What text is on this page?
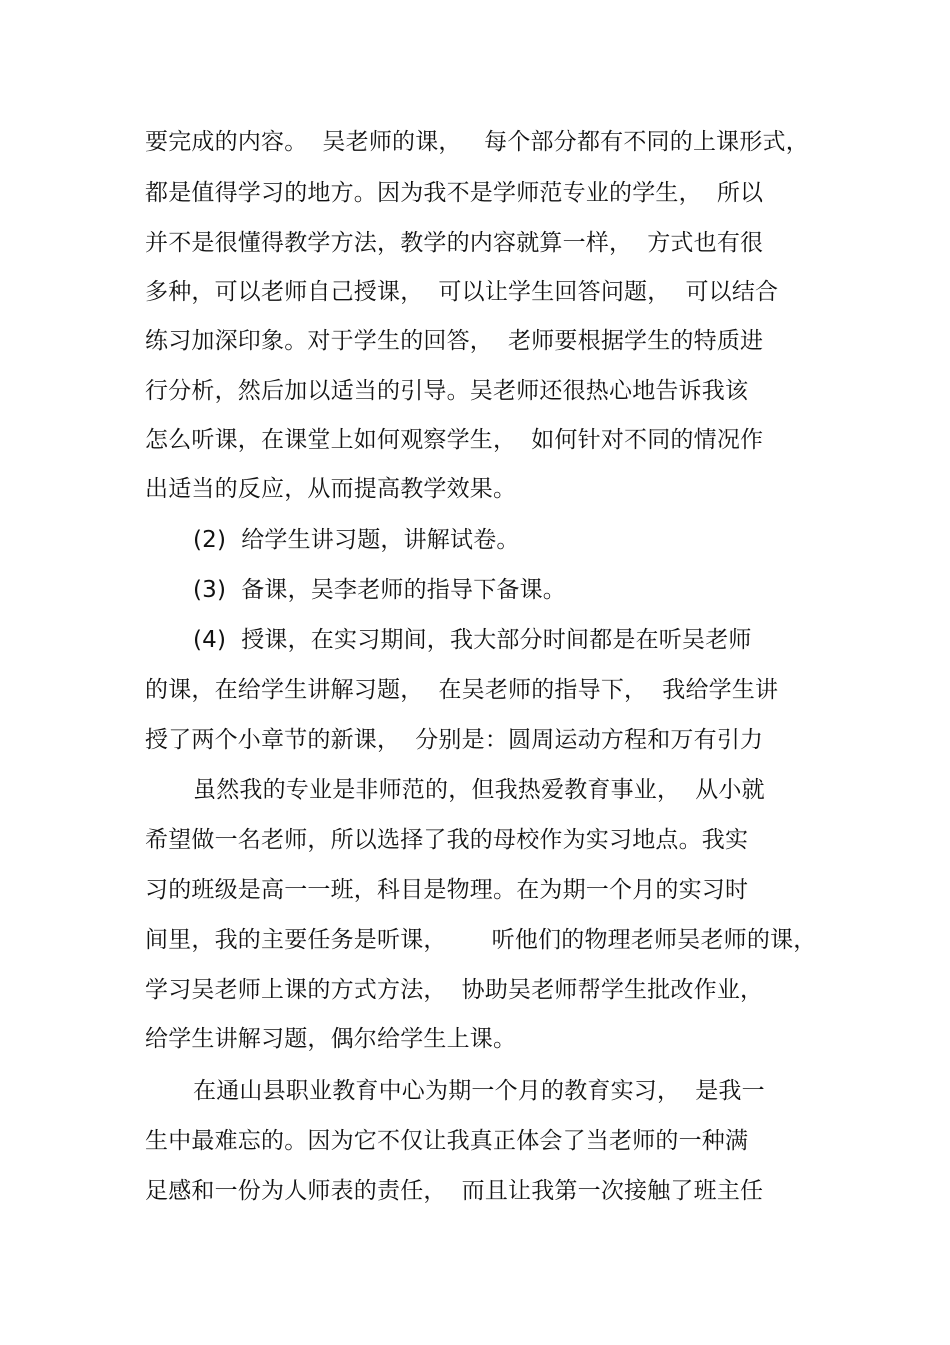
要完成的内容。  吴老师的课，   每个部分都有不同的上课形式，
都是值得学习的地方。因为我不是学师范专业的学生，  所以
并不是很懂得教学方法，教学的内容就算一样，  方式也有很
多种，可以老师自己授课，  可以让学生回答问题，  可以结合
练习加深印象。对于学生的回答，  老师要根据学生的特质进
行分析，然后加以适当的引导。吴老师还很热心地告诉我该
怎么听课，在课堂上如何观察学生，  如何针对不同的情况作
出适当的反应，从而提高教学效果。
(2)  给学生讲习题，讲解试卷。
(3)  备课，吴李老师的指导下备课。
(4)  授课，在实习期间，我大部分时间都是在听吴老师
的课，在给学生讲解习题，  在吴老师的指导下，  我给学生讲
授了两个小章节的新课，  分别是：圆周运动方程和万有引力
虽然我的专业是非师范的，但我热爱教育事业，  从小就
希望做一名老师，所以选择了我的母校作为实习地点。我实
习的班级是高一一班，科目是物理。在为期一个月的实习时
间里，我的主要任务是听课，      听他们的物理老师吴老师的课，
学习吴老师上课的方式方法，  协助吴老师帮学生批改作业，
给学生讲解习题，偶尔给学生上课。
在通山县职业教育中心为期一个月的教育实习，  是我一
生中最难忘的。因为它不仅让我真正体会了当老师的一种满
足感和一份为人师表的责任，  而且让我第一次接触了班主任
